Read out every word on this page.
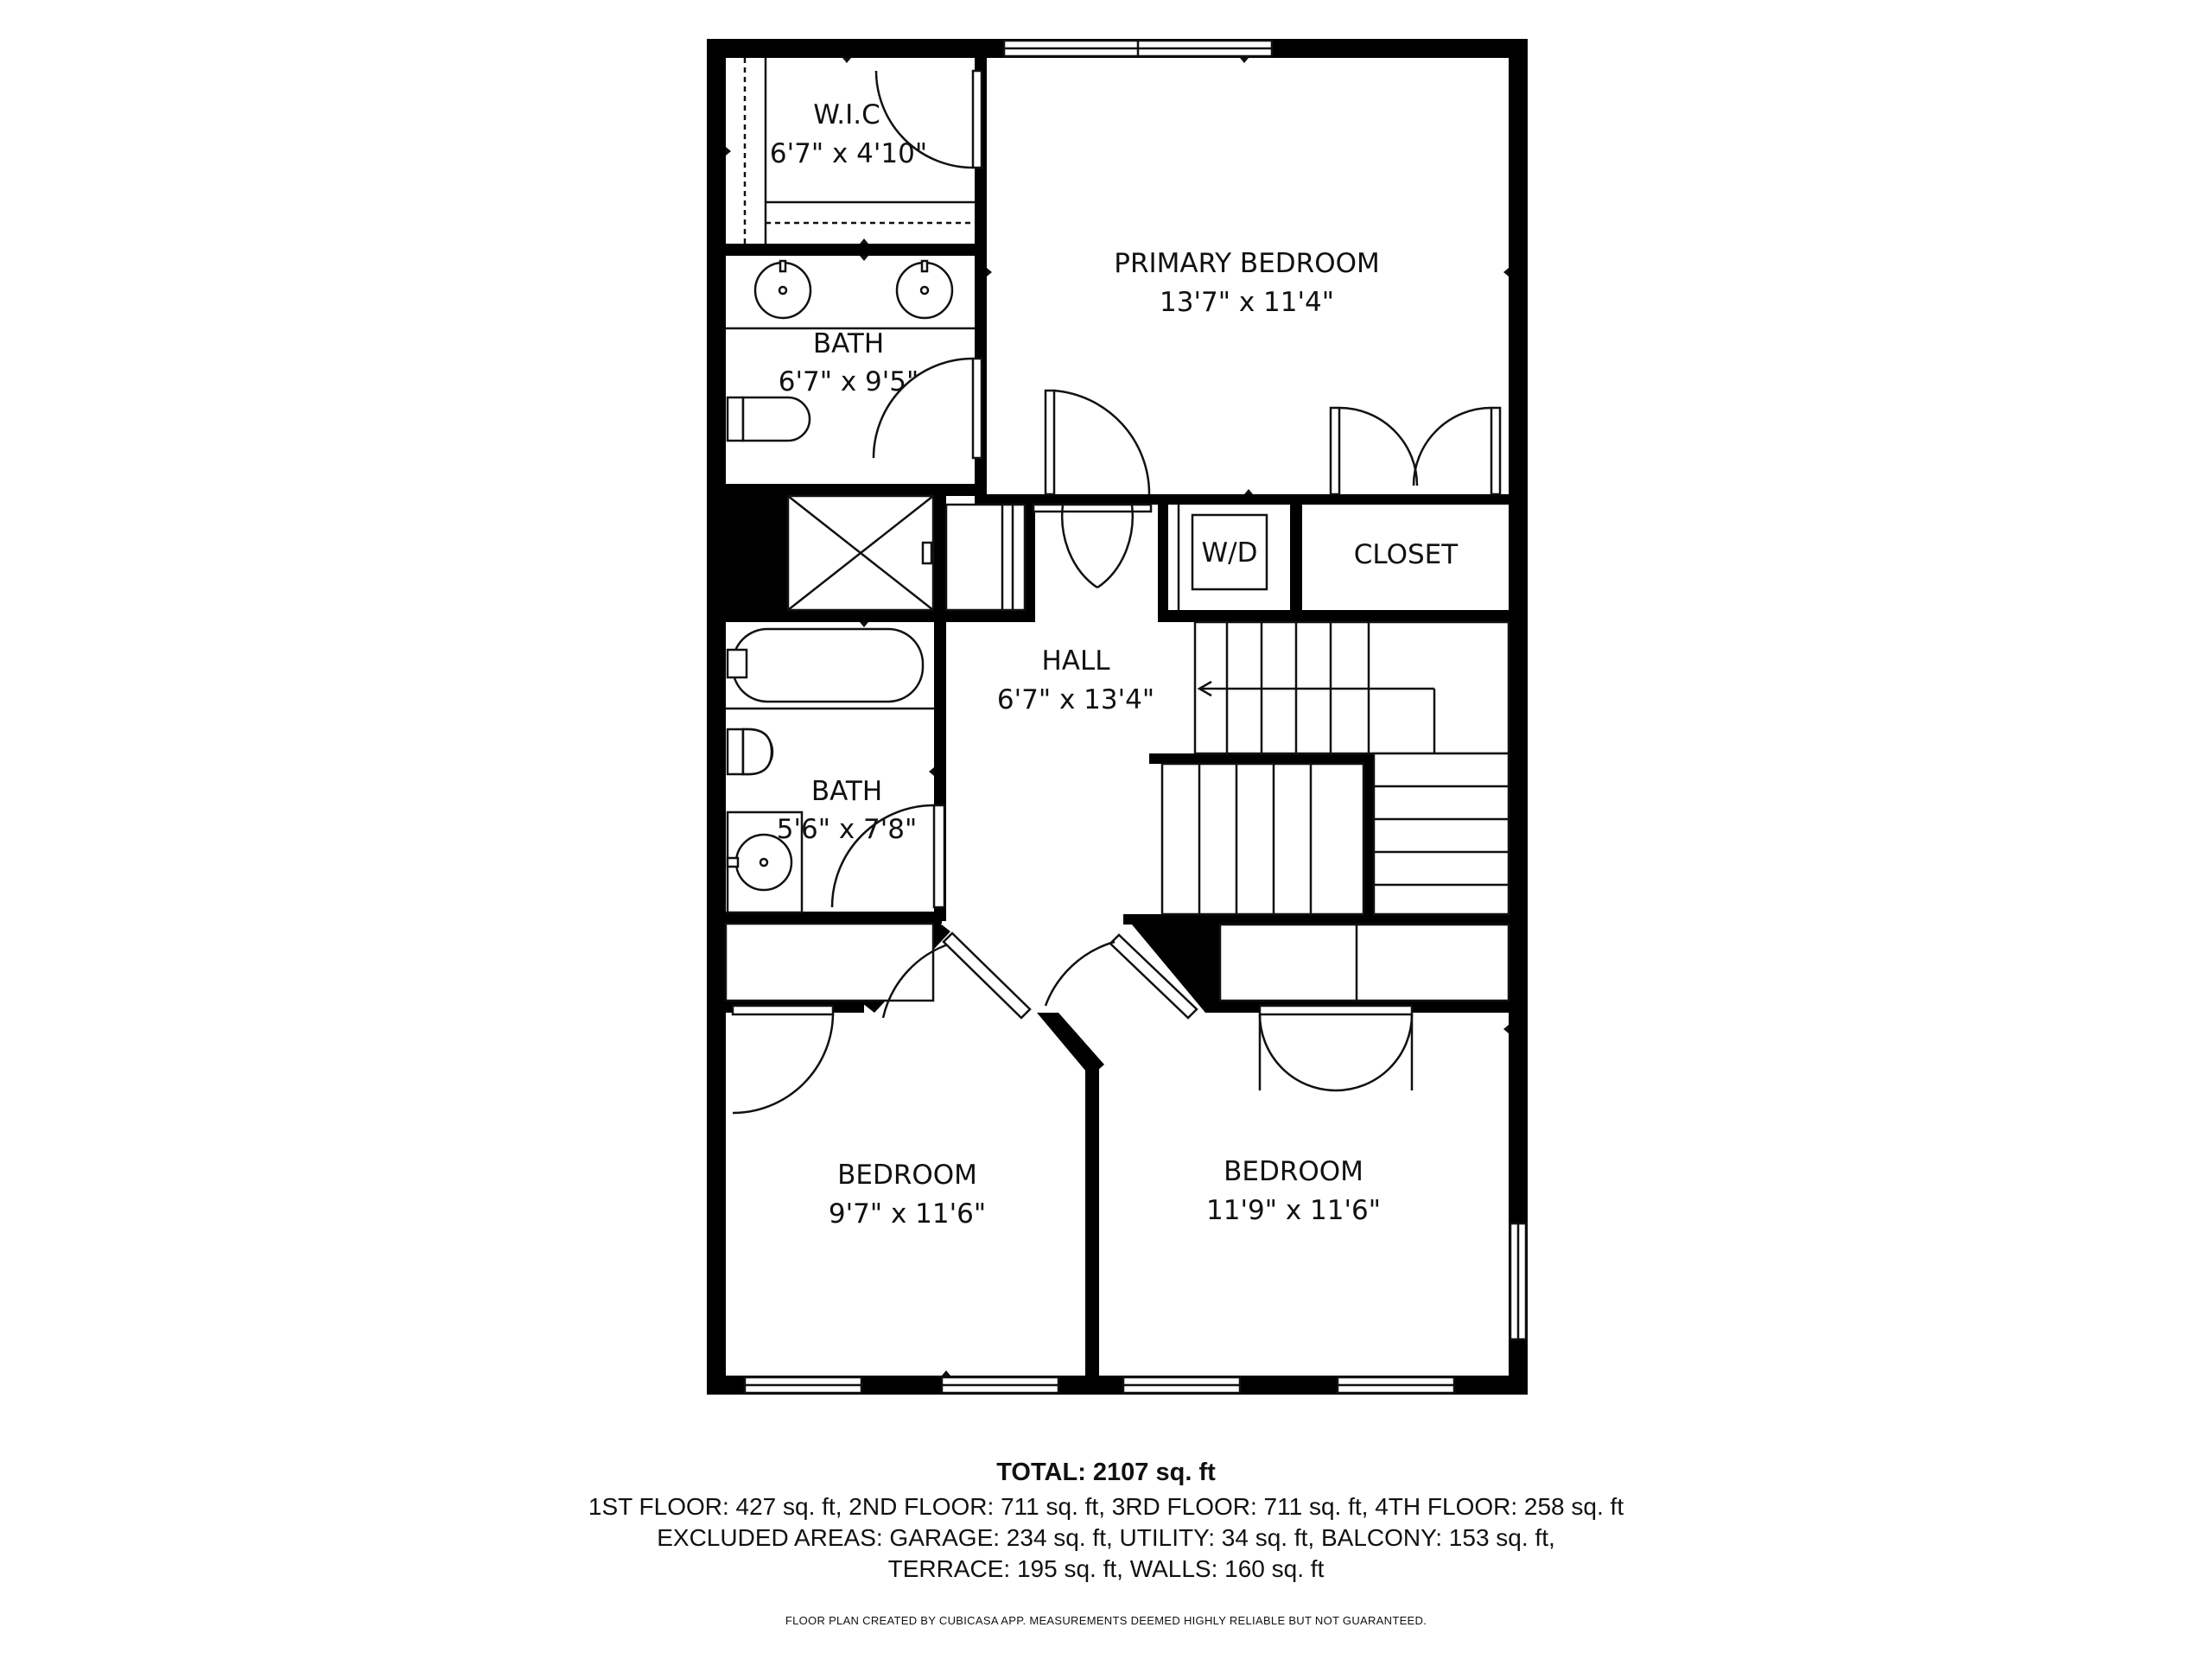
W.I.C
6'7" x 4'10"
BATH
6'7" x 9'5"
PRIMARY BEDROOM
13'7" x 11'4"
W/D	CLOSET
HALL
6'7" x 13'4"
BATH
5'6" x 7'8"
BEDROOM
9'7" x 11'6"
BEDROOM
11'9" x 11'6"
TOTAL: 2107 sq. ft
1ST FLOOR: 427 sq. ft, 2ND FLOOR: 711 sq. ft, 3RD FLOOR: 711 sq. ft, 4TH FLOOR: 258 sq. ft
EXCLUDED AREAS: GARAGE: 234 sq. ft, UTILITY: 34 sq. ft, BALCONY: 153 sq. ft,
TERRACE: 195 sq. ft, WALLS: 160 sq. ft
FLOOR PLAN CREATED BY CUBICASA APP. MEASUREMENTS DEEMED HIGHLY RELIABLE BUT NOT GUARANTEED.
